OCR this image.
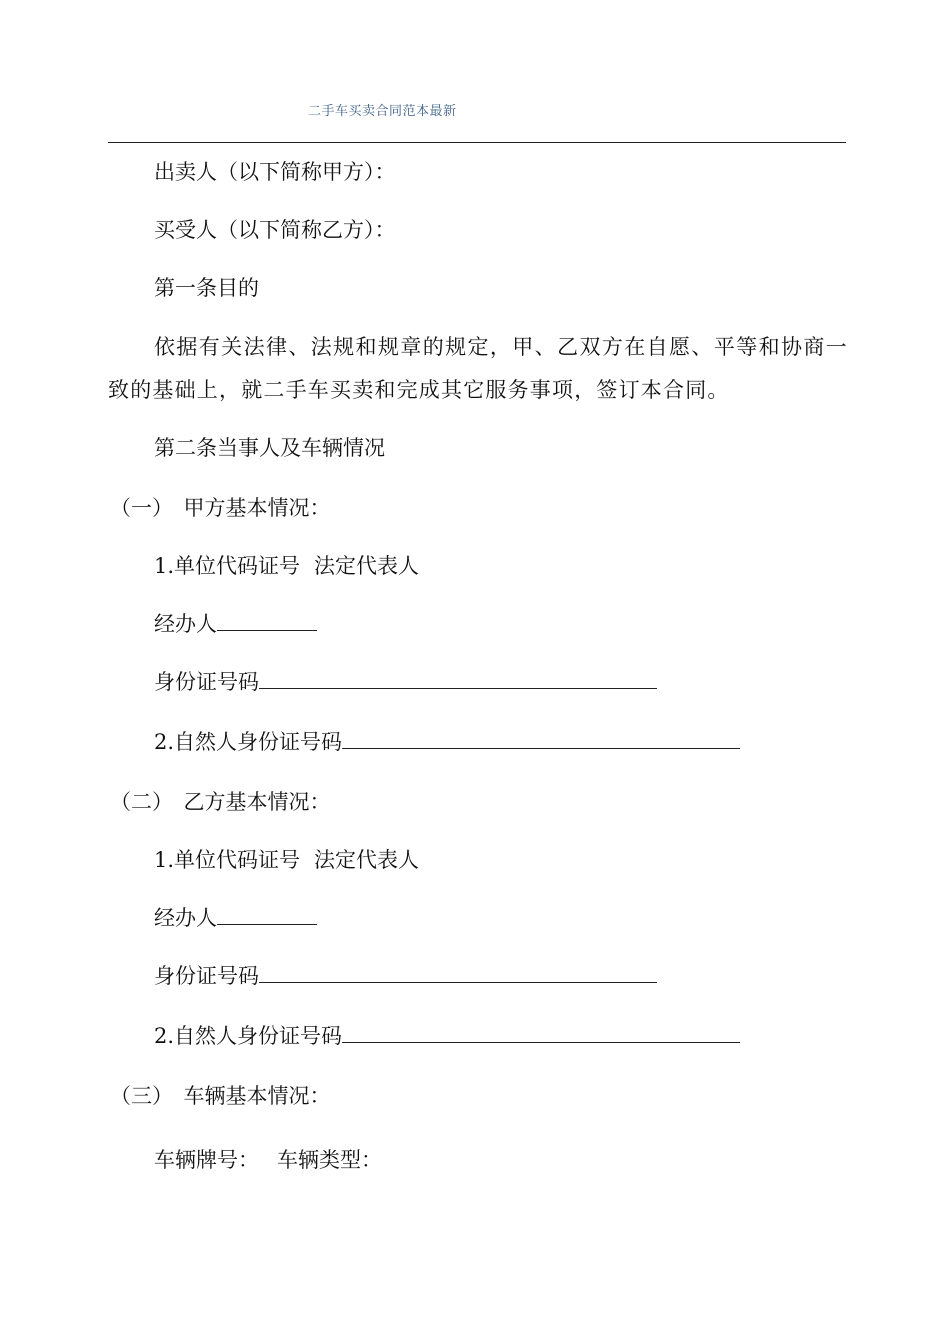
二手车买卖合同范本最新
出卖人（以下简称甲方）：
买受人（以下简称乙方）：
第一条目的
依据有关法律、法规和规章的规定，甲、乙双方在自愿、平等和协商一致的基础上，就二手车买卖和完成其它服务事项，签订本合同。
第二条当事人及车辆情况
（一）　甲方基本情况：
1.单位代码证号 法定代表人
经办人
身份证号码
2.自然人身份证号码
（二）　乙方基本情况：
1.单位代码证号 法定代表人
经办人
身份证号码
2.自然人身份证号码
（三）　车辆基本情况：
车辆牌号： 车辆类型：
